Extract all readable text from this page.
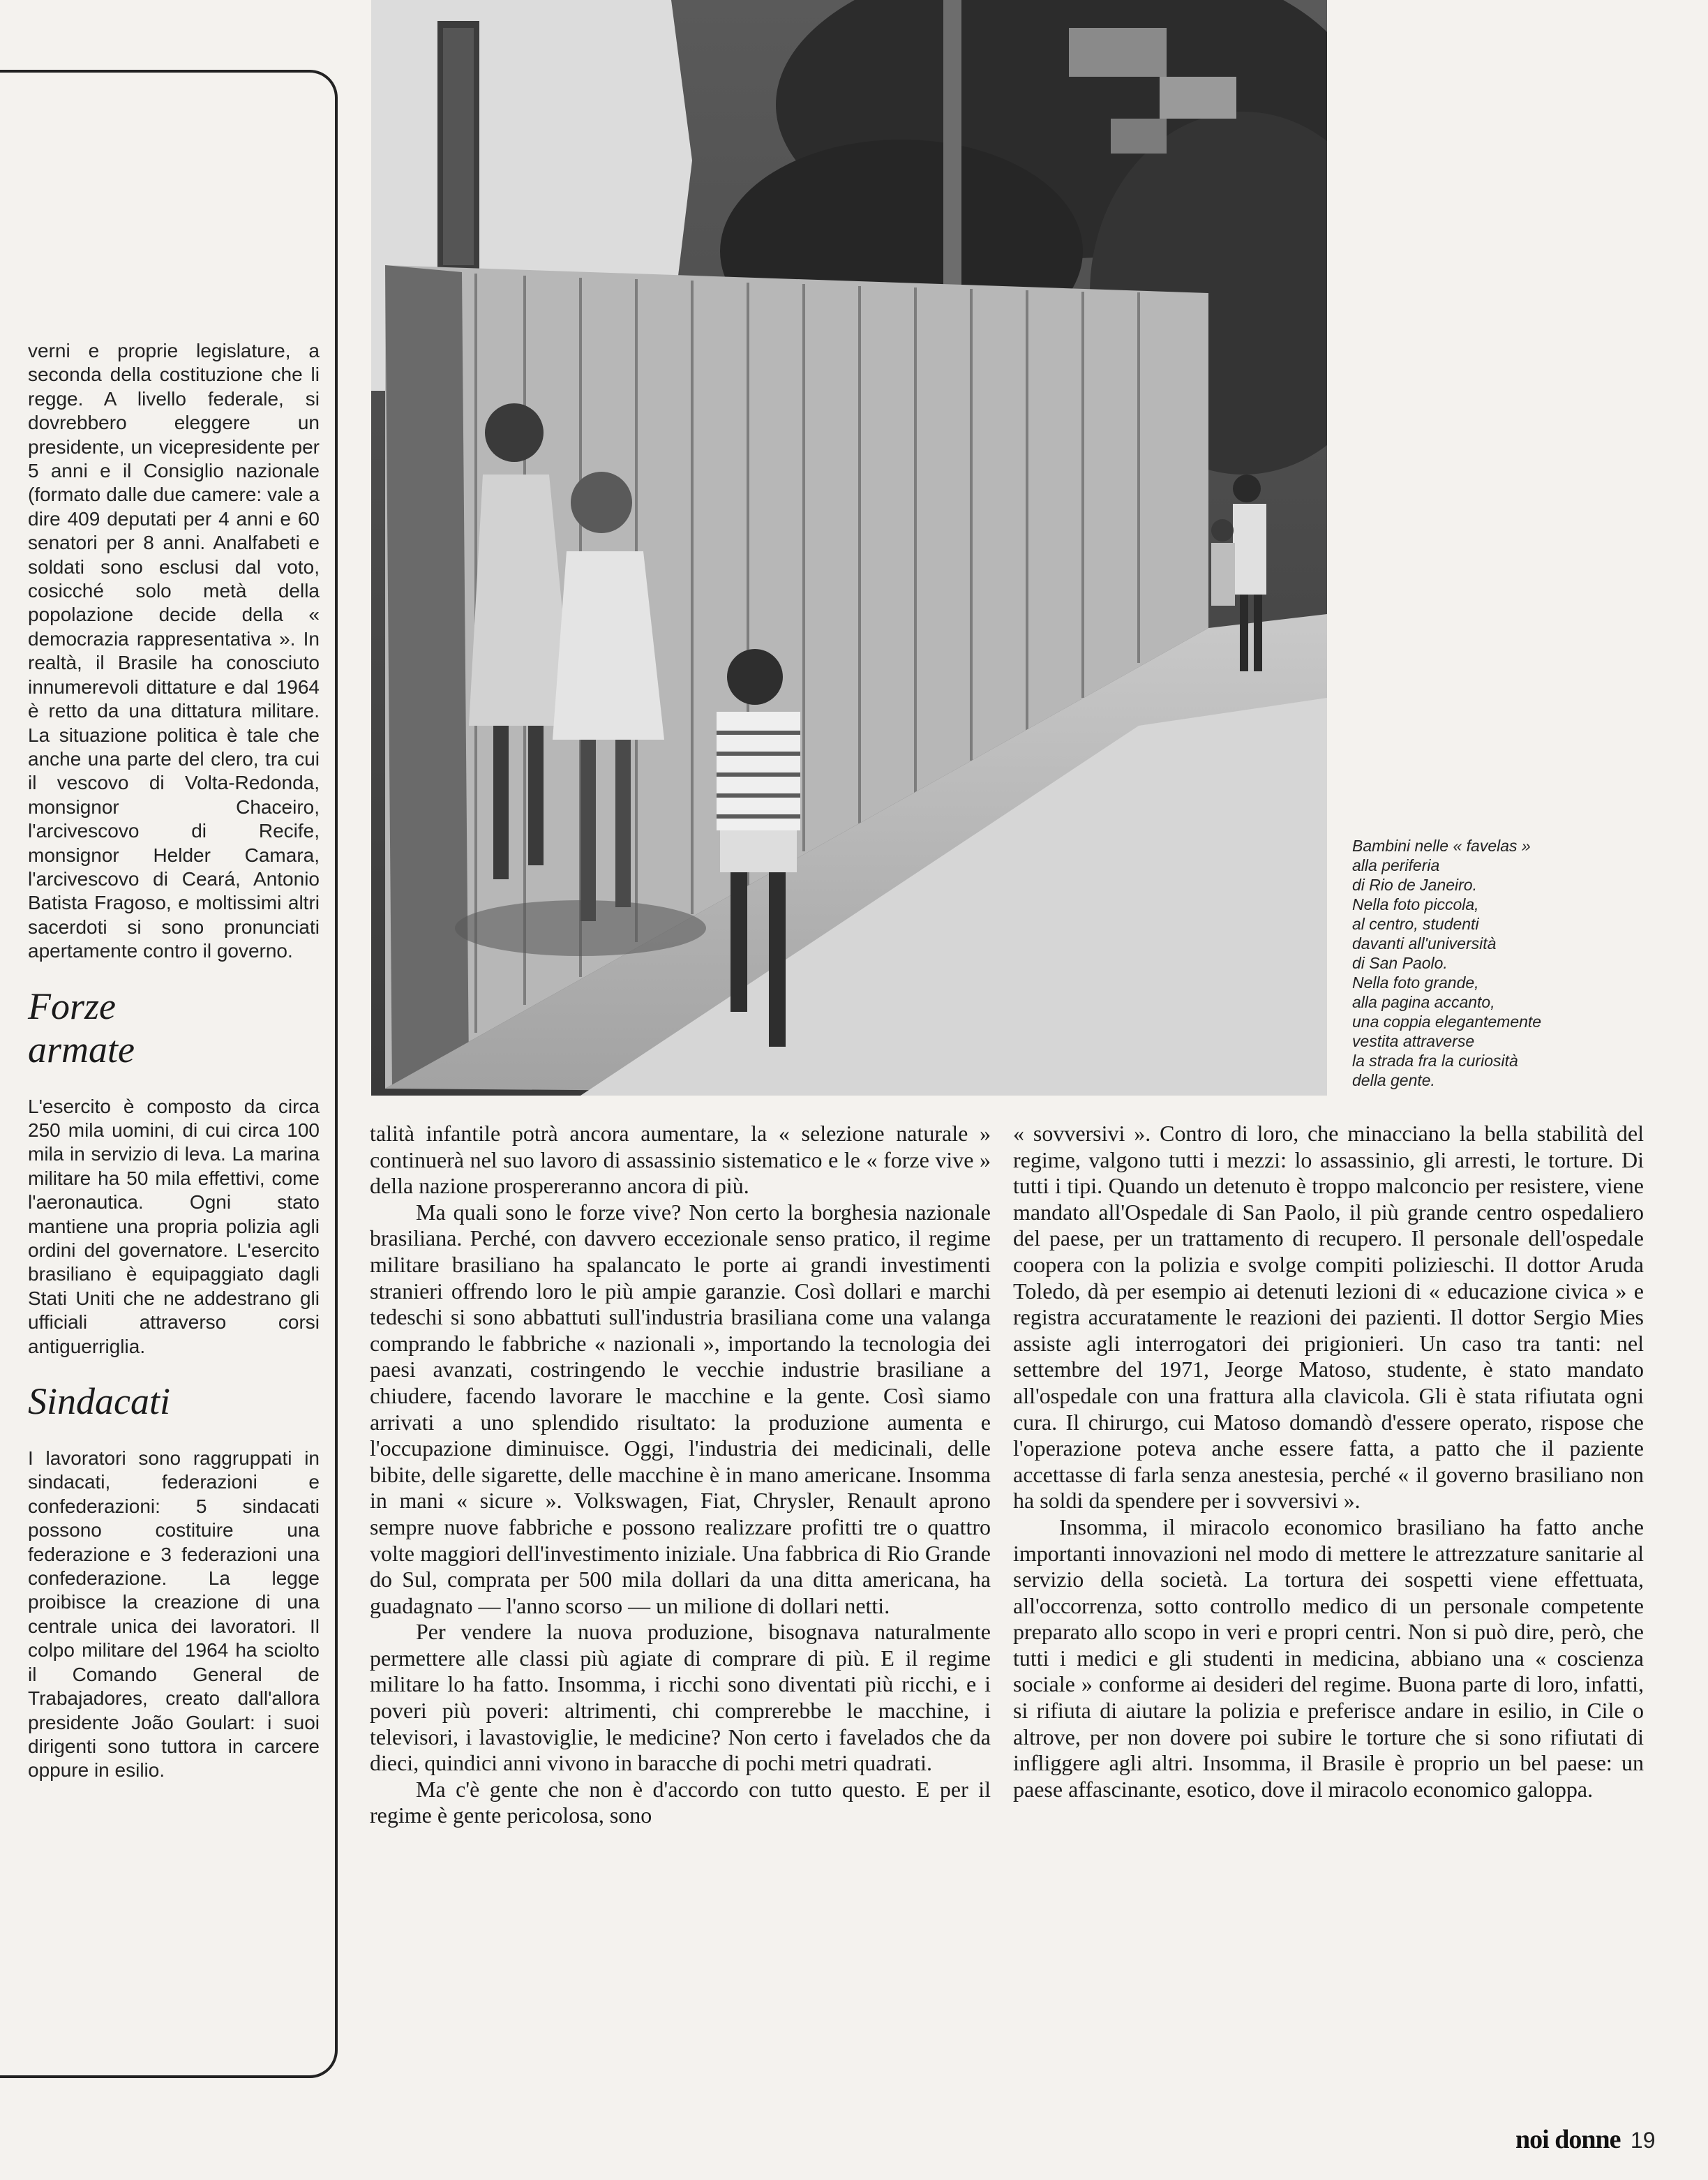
verni e proprie legislature, a seconda della costituzione che li regge. A livello federale, si dovrebbero eleggere un presidente, un vicepresidente per 5 anni e il Consiglio nazionale (formato dalle due camere: vale a dire 409 deputati per 4 anni e 60 senatori per 8 anni. Analfabeti e soldati sono esclusi dal voto, cosicché solo metà della popolazione decide della « democrazia rappresentativa ». In realtà, il Brasile ha conosciuto innumerevoli dittature e dal 1964 è retto da una dittatura militare. La situazione politica è tale che anche una parte del clero, tra cui il vescovo di Volta-Redonda, monsignor Chaceiro, l'arcivescovo di Recife, monsignor Helder Camara, l'arcivescovo di Ceará, Antonio Batista Fragoso, e moltissimi altri sacerdoti si sono pronunciati apertamente contro il governo.

Forze
armate

L'esercito è composto da circa 250 mila uomini, di cui circa 100 mila in servizio di leva. La marina militare ha 50 mila effettivi, come l'aeronautica. Ogni stato mantiene una propria polizia agli ordini del governatore. L'esercito brasiliano è equipaggiato dagli Stati Uniti che ne addestrano gli ufficiali attraverso corsi antiguerriglia.

Sindacati

I lavoratori sono raggruppati in sindacati, federazioni e confederazioni: 5 sindacati possono costituire una federazione e 3 federazioni una confederazione. La legge proibisce la creazione di una centrale unica dei lavoratori. Il colpo militare del 1964 ha sciolto il Comando General de Trabajadores, creato dall'allora presidente João Goulart: i suoi dirigenti sono tuttora in carcere oppure in esilio.

Bambini nelle « favelas »

alla periferia

di Rio de Janeiro.

Nella foto piccola,

al centro, studenti

davanti all'università

di San Paolo.

Nella foto grande,

alla pagina accanto,

una coppia elegantemente

vestita attraverse

la strada fra la curiosità

della gente.

talità infantile potrà ancora aumentare, la « selezione naturale » continuerà nel suo lavoro di assassinio sistematico e le « forze vive » della nazione prospereranno ancora di più.

Ma quali sono le forze vive? Non certo la borghesia nazionale brasiliana. Perché, con davvero eccezionale senso pratico, il regime militare brasiliano ha spalancato le porte ai grandi investimenti stranieri offrendo loro le più ampie garanzie. Così dollari e marchi tedeschi si sono abbattuti sull'industria brasiliana come una valanga comprando le fabbriche « nazionali », importando la tecnologia dei paesi avanzati, costringendo le vecchie industrie brasiliane a chiudere, facendo lavorare le macchine e la gente. Così siamo arrivati a uno splendido risultato: la produzione aumenta e l'occupazione diminuisce. Oggi, l'industria dei medicinali, delle bibite, delle sigarette, delle macchine è in mano americane. Insomma in mani « sicure ». Volkswagen, Fiat, Chrysler, Renault aprono sempre nuove fabbriche e possono realizzare profitti tre o quattro volte maggiori dell'investimento iniziale. Una fabbrica di Rio Grande do Sul, comprata per 500 mila dollari da una ditta americana, ha guadagnato — l'anno scorso — un milione di dollari netti.

Per vendere la nuova produzione, bisognava naturalmente permettere alle classi più agiate di comprare di più. E il regime militare lo ha fatto. Insomma, i ricchi sono diventati più ricchi, e i poveri più poveri: altrimenti, chi comprerebbe le macchine, i televisori, i lavastoviglie, le medicine? Non certo i favelados che da dieci, quindici anni vivono in baracche di pochi metri quadrati.

Ma c'è gente che non è d'accordo con tutto questo. E per il regime è gente pericolosa, sono

« sovversivi ». Contro di loro, che minacciano la bella stabilità del regime, valgono tutti i mezzi: lo assassinio, gli arresti, le torture. Di tutti i tipi. Quando un detenuto è troppo malconcio per resistere, viene mandato all'Ospedale di San Paolo, il più grande centro ospedaliero del paese, per un trattamento di recupero. Il personale dell'ospedale coopera con la polizia e svolge compiti polizieschi. Il dottor Aruda Toledo, dà per esempio ai detenuti lezioni di « educazione civica » e registra accuratamente le reazioni dei pazienti. Il dottor Sergio Mies assiste agli interrogatori dei prigionieri. Un caso tra tanti: nel settembre del 1971, Jeorge Matoso, studente, è stato mandato all'ospedale con una frattura alla clavicola. Gli è stata rifiutata ogni cura. Il chirurgo, cui Matoso domandò d'essere operato, rispose che l'operazione poteva anche essere fatta, a patto che il paziente accettasse di farla senza anestesia, perché « il governo brasiliano non ha soldi da spendere per i sovversivi ».

Insomma, il miracolo economico brasiliano ha fatto anche importanti innovazioni nel modo di mettere le attrezzature sanitarie al servizio della società. La tortura dei sospetti viene effettuata, all'occorrenza, sotto controllo medico di un personale competente preparato allo scopo in veri e propri centri. Non si può dire, però, che tutti i medici e gli studenti in medicina, abbiano una « coscienza sociale » conforme ai desideri del regime. Buona parte di loro, infatti, si rifiuta di aiutare la polizia e preferisce andare in esilio, in Cile o altrove, per non dovere poi subire le torture che si sono rifiutati di infliggere agli altri. Insomma, il Brasile è proprio un bel paese: un paese affascinante, esotico, dove il miracolo economico galoppa.

noi donne 19
